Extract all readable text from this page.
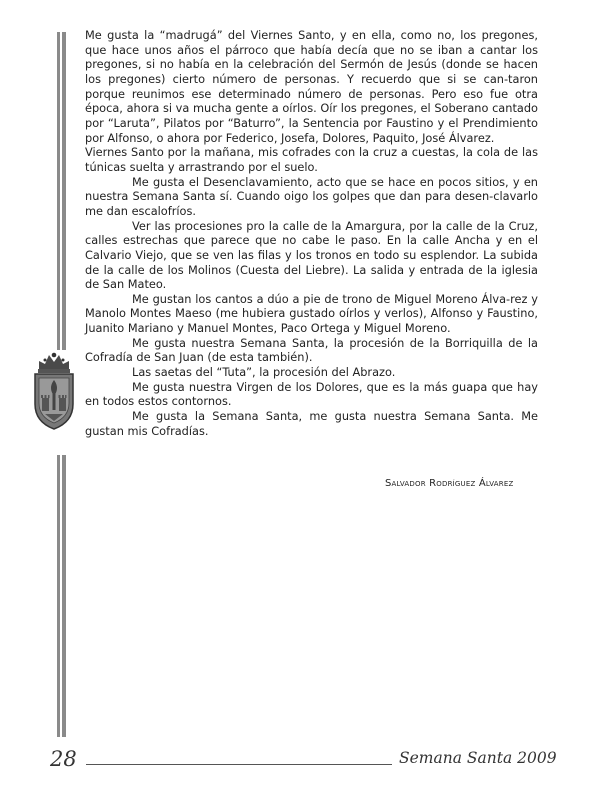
Me gusta la “madrugá” del Viernes Santo, y en ella, como no, los pregones, que hace unos años el párroco que había decía que no se iban a cantar los pregones, si no había en la celebración del Sermón de Jesús (donde se hacen los pregones) cierto número de personas. Y recuerdo que si se can-taron porque reunimos ese determinado número de personas. Pero eso fue otra época, ahora si va mucha gente a oírlos. Oír los pregones, el Soberano cantado por “Laruta”, Pilatos por “Baturro”, la Sentencia por Faustino y el Prendimiento por Alfonso, o ahora por Federico, Josefa, Dolores, Paquito, José Álvarez.

Viernes Santo por la mañana, mis cofrades con la cruz a cuestas, la cola de las túnicas suelta y arrastrando por el suelo.

Me gusta el Desenclavamiento, acto que se hace en pocos sitios, y en nuestra Semana Santa sí. Cuando oigo los golpes que dan para desen-clavarlo me dan escalofríos.

Ver las procesiones pro la calle de la Amargura, por la calle de la Cruz, calles estrechas que parece que no cabe le paso. En la calle Ancha y en el Calvario Viejo, que se ven las filas y los tronos en todo su esplendor. La subida de la calle de los Molinos (Cuesta del Liebre). La salida y entrada de la iglesia de San Mateo.

Me gustan los cantos a dúo a pie de trono de Miguel Moreno Álva-rez y Manolo Montes Maeso (me hubiera gustado oírlos y verlos), Alfonso y Faustino, Juanito Mariano y Manuel Montes, Paco Ortega y Miguel Moreno.

Me gusta nuestra Semana Santa, la procesión de la Borriquilla de la Cofradía de San Juan (de esta también).

Las saetas del “Tuta”, la procesión del Abrazo.

Me gusta nuestra Virgen de los Dolores, que es la más guapa que hay en todos estos contornos.

Me gusta la Semana Santa, me gusta nuestra Semana Santa. Me gustan mis Cofradías.

Salvador Rodríguez Álvarez
28	Semana Santa 2009
